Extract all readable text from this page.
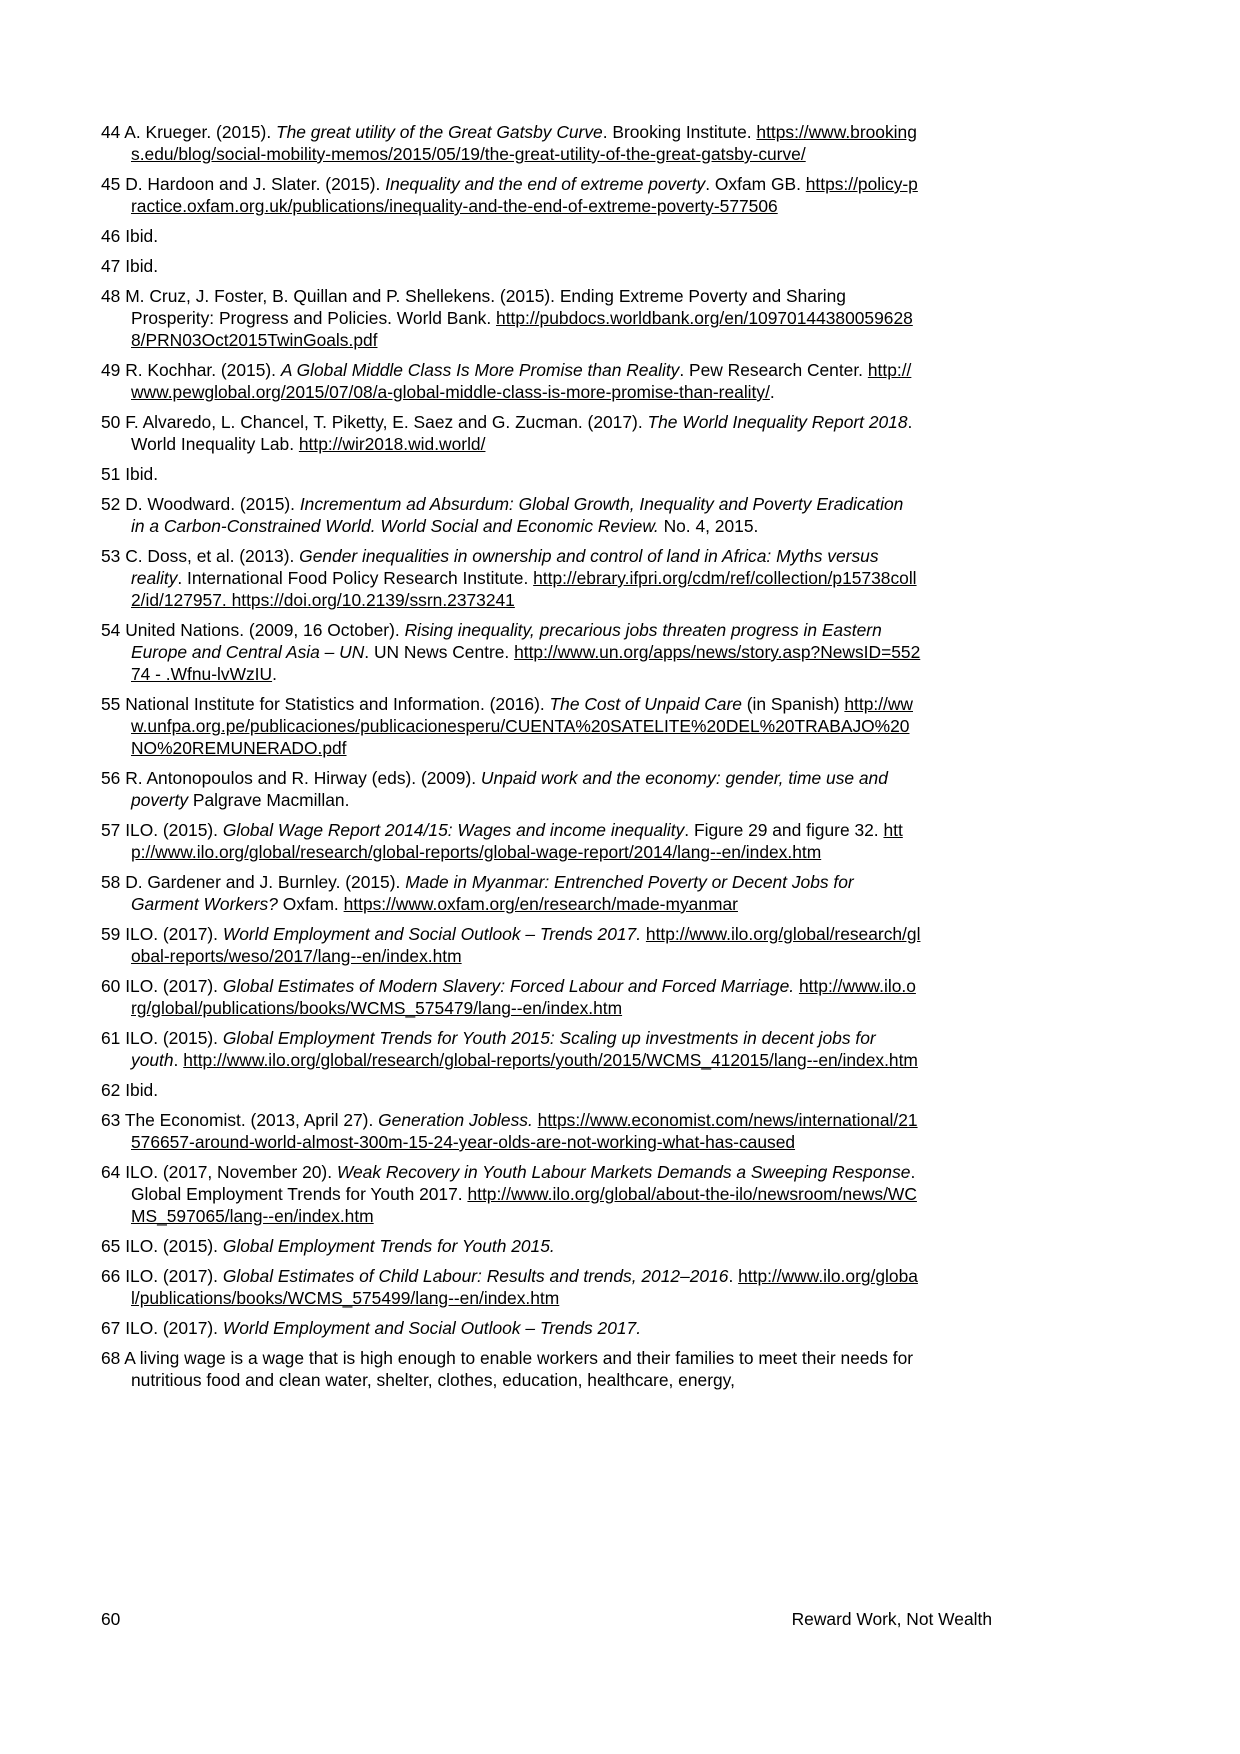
44 A. Krueger. (2015). The great utility of the Great Gatsby Curve. Brooking Institute. https://www.brookings.edu/blog/social-mobility-memos/2015/05/19/the-great-utility-of-the-great-gatsby-curve/
45 D. Hardoon and J. Slater. (2015). Inequality and the end of extreme poverty. Oxfam GB. https://policy-practice.oxfam.org.uk/publications/inequality-and-the-end-of-extreme-poverty-577506
46 Ibid.
47 Ibid.
48 M. Cruz, J. Foster, B. Quillan and P. Shellekens. (2015). Ending Extreme Poverty and Sharing Prosperity: Progress and Policies. World Bank. http://pubdocs.worldbank.org/en/109701443800596288/PRN03Oct2015TwinGoals.pdf
49 R. Kochhar. (2015). A Global Middle Class Is More Promise than Reality. Pew Research Center. http://www.pewglobal.org/2015/07/08/a-global-middle-class-is-more-promise-than-reality/.
50 F. Alvaredo, L. Chancel, T. Piketty, E. Saez and G. Zucman. (2017). The World Inequality Report 2018. World Inequality Lab. http://wir2018.wid.world/
51 Ibid.
52 D. Woodward. (2015). Incrementum ad Absurdum: Global Growth, Inequality and Poverty Eradication in a Carbon-Constrained World. World Social and Economic Review. No. 4, 2015.
53 C. Doss, et al. (2013). Gender inequalities in ownership and control of land in Africa: Myths versus reality. International Food Policy Research Institute. http://ebrary.ifpri.org/cdm/ref/collection/p15738coll2/id/127957. https://doi.org/10.2139/ssrn.2373241
54 United Nations. (2009, 16 October). Rising inequality, precarious jobs threaten progress in Eastern Europe and Central Asia – UN. UN News Centre. http://www.un.org/apps/news/story.asp?NewsID=55274 - .Wfnu-lvWzIU.
55 National Institute for Statistics and Information. (2016). The Cost of Unpaid Care (in Spanish) http://www.unfpa.org.pe/publicaciones/publicacionesperu/CUENTA%20SATELITE%20DEL%20TRABAJO%20NO%20REMUNERADO.pdf
56 R. Antonopoulos and R. Hirway (eds). (2009). Unpaid work and the economy: gender, time use and poverty Palgrave Macmillan.
57 ILO. (2015). Global Wage Report 2014/15: Wages and income inequality. Figure 29 and figure 32. http://www.ilo.org/global/research/global-reports/global-wage-report/2014/lang--en/index.htm
58 D. Gardener and J. Burnley. (2015). Made in Myanmar: Entrenched Poverty or Decent Jobs for Garment Workers? Oxfam. https://www.oxfam.org/en/research/made-myanmar
59 ILO. (2017). World Employment and Social Outlook – Trends 2017. http://www.ilo.org/global/research/global-reports/weso/2017/lang--en/index.htm
60 ILO. (2017). Global Estimates of Modern Slavery: Forced Labour and Forced Marriage. http://www.ilo.org/global/publications/books/WCMS_575479/lang--en/index.htm
61 ILO. (2015). Global Employment Trends for Youth 2015: Scaling up investments in decent jobs for youth. http://www.ilo.org/global/research/global-reports/youth/2015/WCMS_412015/lang--en/index.htm
62 Ibid.
63 The Economist. (2013, April 27). Generation Jobless. https://www.economist.com/news/international/21576657-around-world-almost-300m-15-24-year-olds-are-not-working-what-has-caused
64 ILO. (2017, November 20). Weak Recovery in Youth Labour Markets Demands a Sweeping Response. Global Employment Trends for Youth 2017. http://www.ilo.org/global/about-the-ilo/newsroom/news/WCMS_597065/lang--en/index.htm
65 ILO. (2015). Global Employment Trends for Youth 2015.
66 ILO. (2017). Global Estimates of Child Labour: Results and trends, 2012–2016. http://www.ilo.org/global/publications/books/WCMS_575499/lang--en/index.htm
67 ILO. (2017). World Employment and Social Outlook – Trends 2017.
68 A living wage is a wage that is high enough to enable workers and their families to meet their needs for nutritious food and clean water, shelter, clothes, education, healthcare, energy,
60	Reward Work, Not Wealth
